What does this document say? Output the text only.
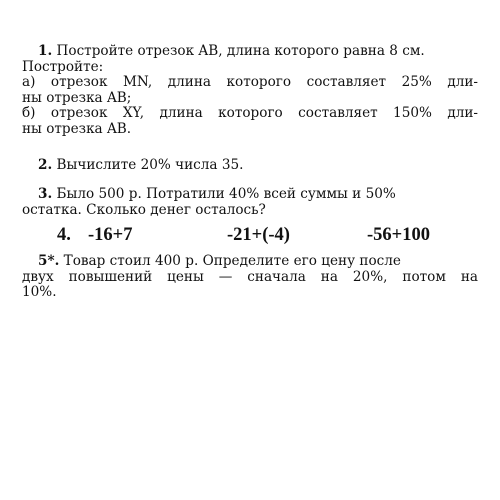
1. Постройте отрезок AB, длина которого равна 8 см.
Постройте:
а) отрезок MN, длина которого составляет 25% дли-
ны отрезка AB;
б) отрезок XY, длина которого составляет 150% дли-
ны отрезка AB.
2. Вычислите 20% числа 35.
3. Было 500 р. Потратили 40% всей суммы и 50%
остатка. Сколько денег осталось?
4. -16+7	-21+(-4)	-56+100
5*. Товар стоил 400 р. Определите его цену после
двух повышений цены — сначала на 20%, потом на
10%.
